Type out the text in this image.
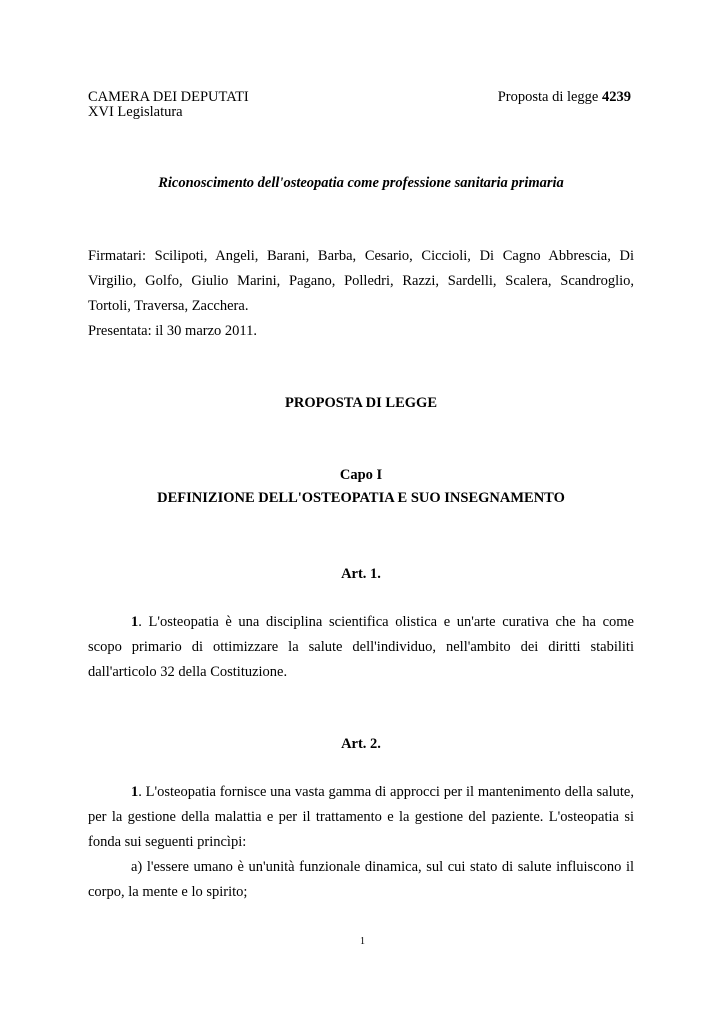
CAMERA DEI DEPUTATI
XVI Legislatura
Proposta di legge 4239
Riconoscimento dell'osteopatia come professione sanitaria primaria

Firmatari: Scilipoti, Angeli, Barani, Barba, Cesario, Ciccioli, Di Cagno Abbrescia, Di Virgilio, Golfo, Giulio Marini, Pagano, Polledri, Razzi, Sardelli, Scalera, Scandroglio, Tortoli, Traversa, Zacchera.

Presentata: il 30 marzo 2011.

PROPOSTA DI LEGGE
Capo I
DEFINIZIONE DELL'OSTEOPATIA E SUO INSEGNAMENTO
Art. 1.

1. L'osteopatia è una disciplina scientifica olistica e un'arte curativa che ha come scopo primario di ottimizzare la salute dell'individuo, nell'ambito dei diritti stabiliti dall'articolo 32 della Costituzione.

Art. 2.

1. L'osteopatia fornisce una vasta gamma di approcci per il mantenimento della salute, per la gestione della malattia e per il trattamento e la gestione del paziente. L'osteopatia si fonda sui seguenti princìpi:

a) l'essere umano è un'unità funzionale dinamica, sul cui stato di salute influiscono il corpo, la mente e lo spirito;

1
